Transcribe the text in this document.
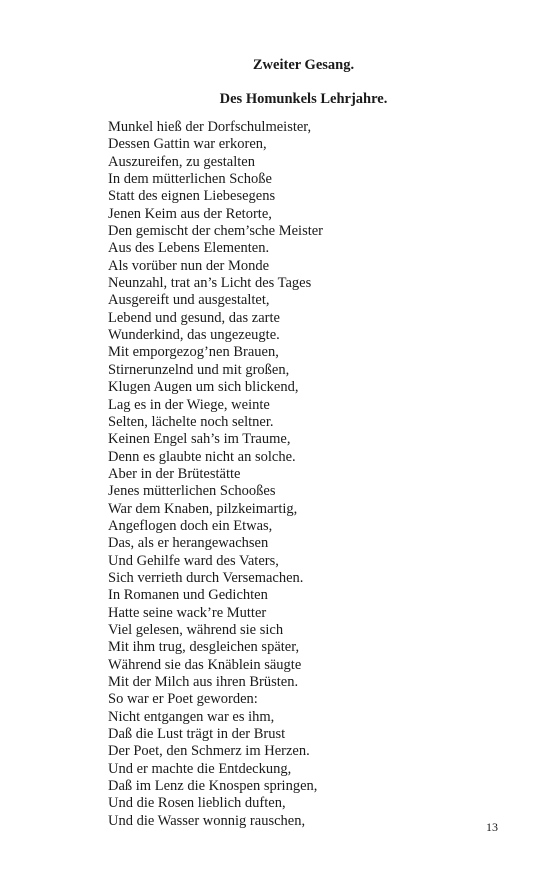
Zweiter Gesang.
Des Homunkels Lehrjahre.
Munkel hieß der Dorfschulmeister,
Dessen Gattin war erkoren,
Auszureifen, zu gestalten
In dem mütterlichen Schoße
Statt des eignen Liebesegens
Jenen Keim aus der Retorte,
Den gemischt der chem’sche Meister
Aus des Lebens Elementen.
Als vorüber nun der Monde
Neunzahl, trat an’s Licht des Tages
Ausgereift und ausgestaltet,
Lebend und gesund, das zarte
Wunderkind, das ungezeugte.
Mit emporgezog’nen Brauen,
Stirnerunzelnd und mit großen,
Klugen Augen um sich blickend,
Lag es in der Wiege, weinte
Selten, lächelte noch seltner.
Keinen Engel sah’s im Traume,
Denn es glaubte nicht an solche.
Aber in der Brütestätte
Jenes mütterlichen Schooßes
War dem Knaben, pilzkeimartig,
Angeflogen doch ein Etwas,
Das, als er herangewachsen
Und Gehilfe ward des Vaters,
Sich verrieth durch Versemachen.
In Romanen und Gedichten
Hatte seine wack’re Mutter
Viel gelesen, während sie sich
Mit ihm trug, desgleichen später,
Während sie das Knäblein säugte
Mit der Milch aus ihren Brüsten.
So war er Poet geworden:
Nicht entgangen war es ihm,
Daß die Lust trägt in der Brust
Der Poet, den Schmerz im Herzen.
Und er machte die Entdeckung,
Daß im Lenz die Knospen springen,
Und die Rosen lieblich duften,
Und die Wasser wonnig rauschen,	13
